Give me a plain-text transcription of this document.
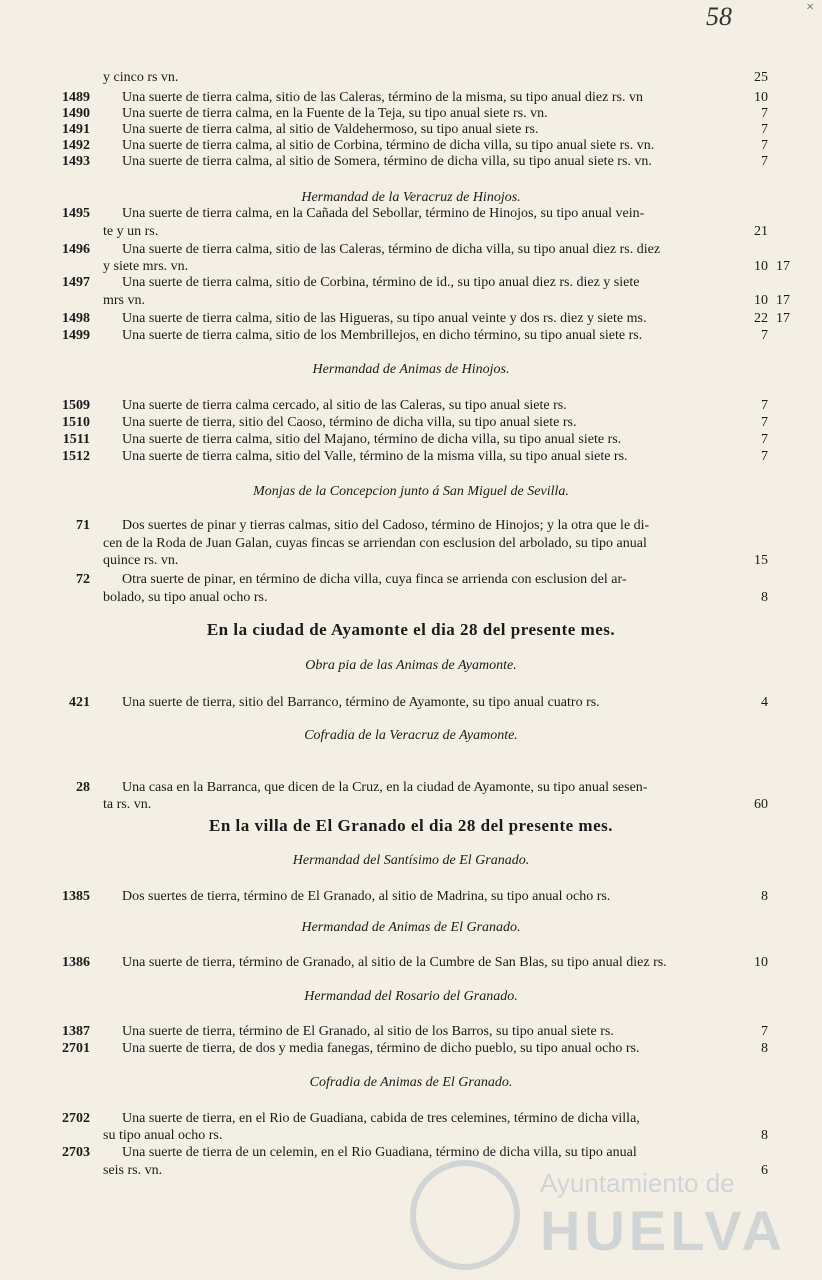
58	×
y cinco rs vn.	25
1489 Una suerte de tierra calma, sitio de las Caleras, término de la misma, su tipo anual diez rs. vn	10
1490 Una suerte de tierra calma, en la Fuente de la Teja, su tipo anual siete rs. vn.	7
1491 Una suerte de tierra calma, al sitio de Valdehermoso, su tipo anual siete rs.	7
1492 Una suerte de tierra calma, al sitio de Corbina, término de dicha villa, su tipo anual siete rs. vn.	7
1493 Una suerte de tierra calma, al sitio de Somera, término de dicha villa, su tipo anual siete rs. vn.	7
1495 Una suerte de tierra calma, en la Cañada del Sebollar, término de Hinojos, su tipo anual vein-
te y un rs.	21
1496 Una suerte de tierra calma, sitio de las Caleras, término de dicha villa, su tipo anual diez rs. diez
y siete mrs. vn.	10 17
1497 Una suerte de tierra calma, sitio de Corbina, término de id., su tipo anual diez rs. diez y siete
mrs vn.	10 17
1498 Una suerte de tierra calma, sitio de las Higueras, su tipo anual veinte y dos rs. diez y siete ms.	22 17
1499 Una suerte de tierra calma, sitio de los Membrillejos, en dicho término, su tipo anual siete rs.	7
1509 Una suerte de tierra calma cercado, al sitio de las Caleras, su tipo anual siete rs.	7
1510 Una suerte de tierra, sitio del Caoso, término de dicha villa, su tipo anual siete rs.	7
1511 Una suerte de tierra calma, sitio del Majano, término de dicha villa, su tipo anual siete rs.	7
1512 Una suerte de tierra calma, sitio del Valle, término de la misma villa, su tipo anual siete rs.	7
71 Dos suertes de pinar y tierras calmas, sitio del Cadoso, término de Hinojos; y la otra que le di-
cen de la Roda de Juan Galan, cuyas fincas se arriendan con esclusion del arbolado, su tipo anual
quince rs. vn.	15
72 Otra suerte de pinar, en término de dicha villa, cuya finca se arrienda con esclusion del ar-
bolado, su tipo anual ocho rs.	8
421 Una suerte de tierra, sitio del Barranco, término de Ayamonte, su tipo anual cuatro rs.	4
28 Una casa en la Barranca, que dicen de la Cruz, en la ciudad de Ayamonte, su tipo anual sesen-
ta rs. vn.	60
1385 Dos suertes de tierra, término de El Granado, al sitio de Madrina, su tipo anual ocho rs.	8
1386 Una suerte de tierra, término de Granado, al sitio de la Cumbre de San Blas, su tipo anual diez rs.	10
1387 Una suerte de tierra, término de El Granado, al sitio de los Barros, su tipo anual siete rs.	7
2701 Una suerte de tierra, de dos y media fanegas, término de dicho pueblo, su tipo anual ocho rs.	8
2702 Una suerte de tierra, en el Rio de Guadiana, cabida de tres celemines, término de dicha villa,
su tipo anual ocho rs.	8
2703 Una suerte de tierra de un celemin, en el Rio Guadiana, término de dicha villa, su tipo anual
seis rs. vn.	6
Hermandad de la Veracruz de Hinojos.
Hermandad de Animas de Hinojos.
Monjas de la Concepcion junto á San Miguel de Sevilla.
Obra pia de las Animas de Ayamonte.
Cofradia de la Veracruz de Ayamonte.
Hermandad del Santísimo de El Granado.
Hermandad de Animas de El Granado.
Hermandad del Rosario del Granado.
Cofradia de Animas de El Granado.
En la ciudad de Ayamonte el dia 28 del presente mes.
En la villa de El Granado el dia 28 del presente mes.
Ayuntamiento de
HUELVA
